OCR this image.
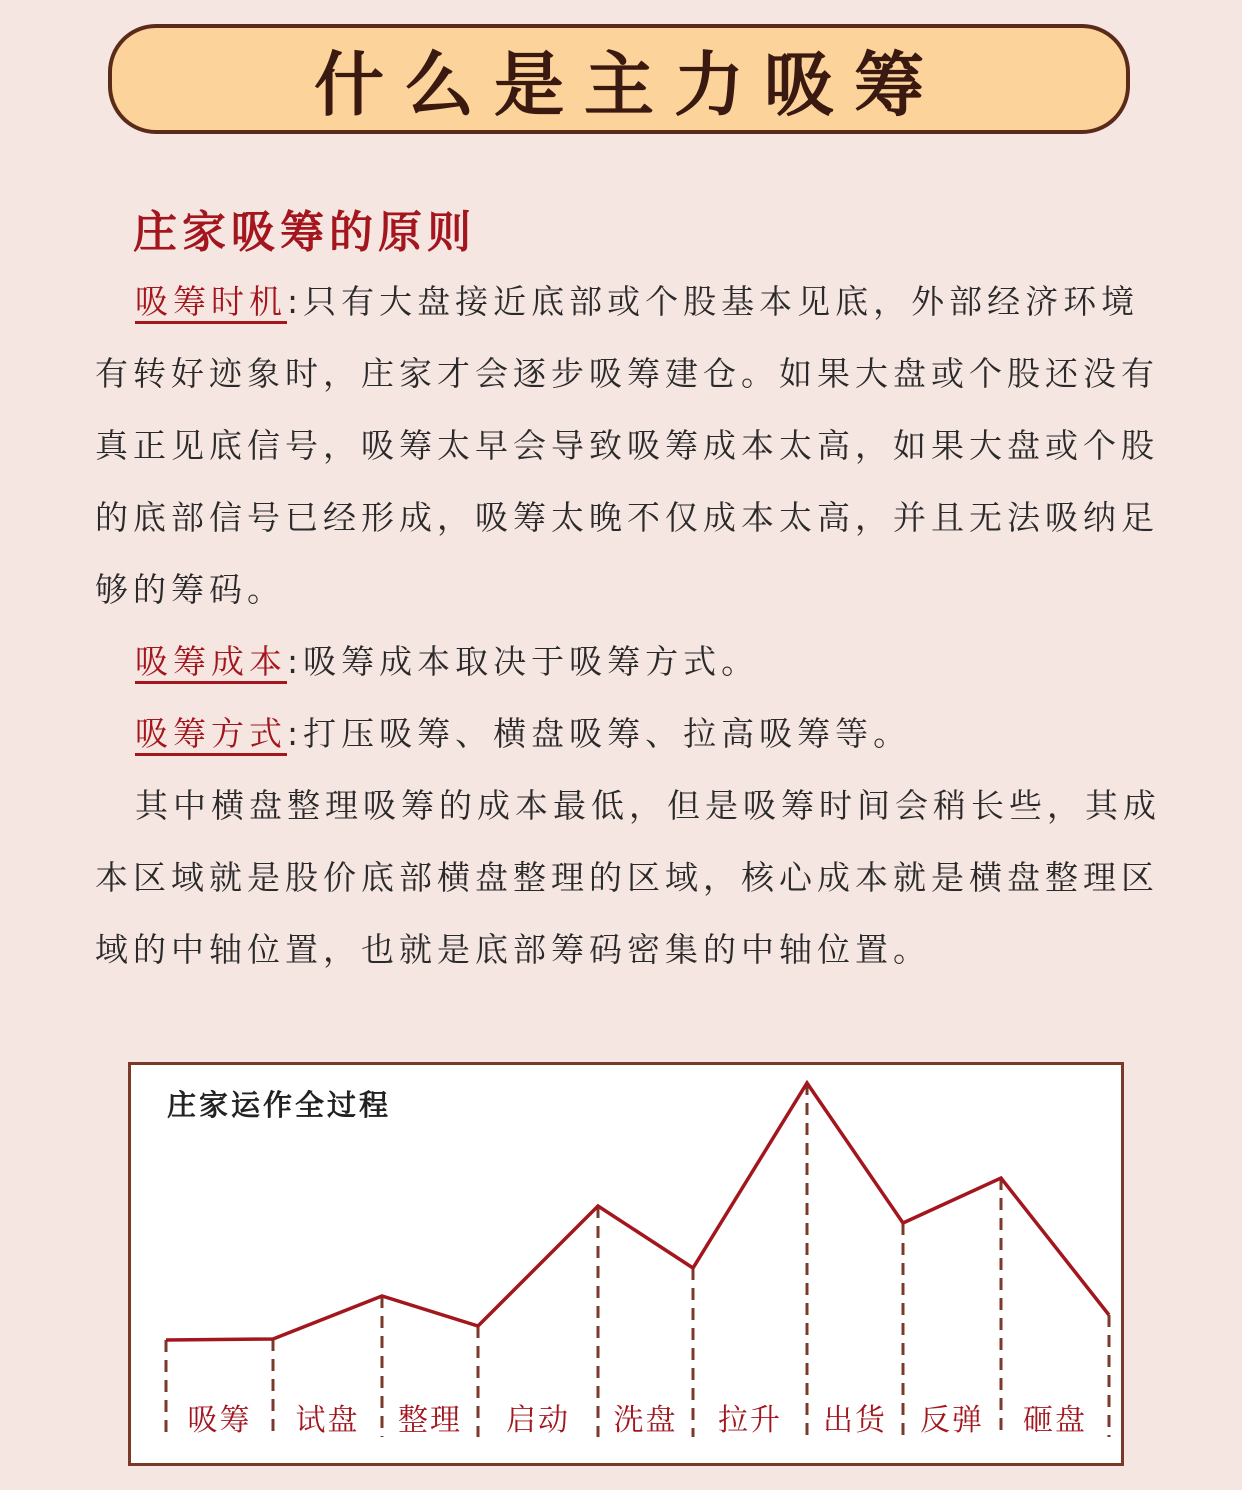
什么是主力吸筹
庄家吸筹的原则

吸筹时机:只有大盘接近底部或个股基本见底，外部经济环境有转好迹象时，庄家才会逐步吸筹建仓。如果大盘或个股还没有真正见底信号，吸筹太早会导致吸筹成本太高，如果大盘或个股的底部信号已经形成，吸筹太晚不仅成本太高，并且无法吸纳足够的筹码。

吸筹成本:吸筹成本取决于吸筹方式。

吸筹方式:打压吸筹、横盘吸筹、拉高吸筹等。

其中横盘整理吸筹的成本最低，但是吸筹时间会稍长些，其成本区域就是股价底部横盘整理的区域，核心成本就是横盘整理区域的中轴位置，也就是底部筹码密集的中轴位置。

庄家运作全过程
吸筹 试盘 整理 启动 洗盘 拉升 出货 反弹 砸盘
